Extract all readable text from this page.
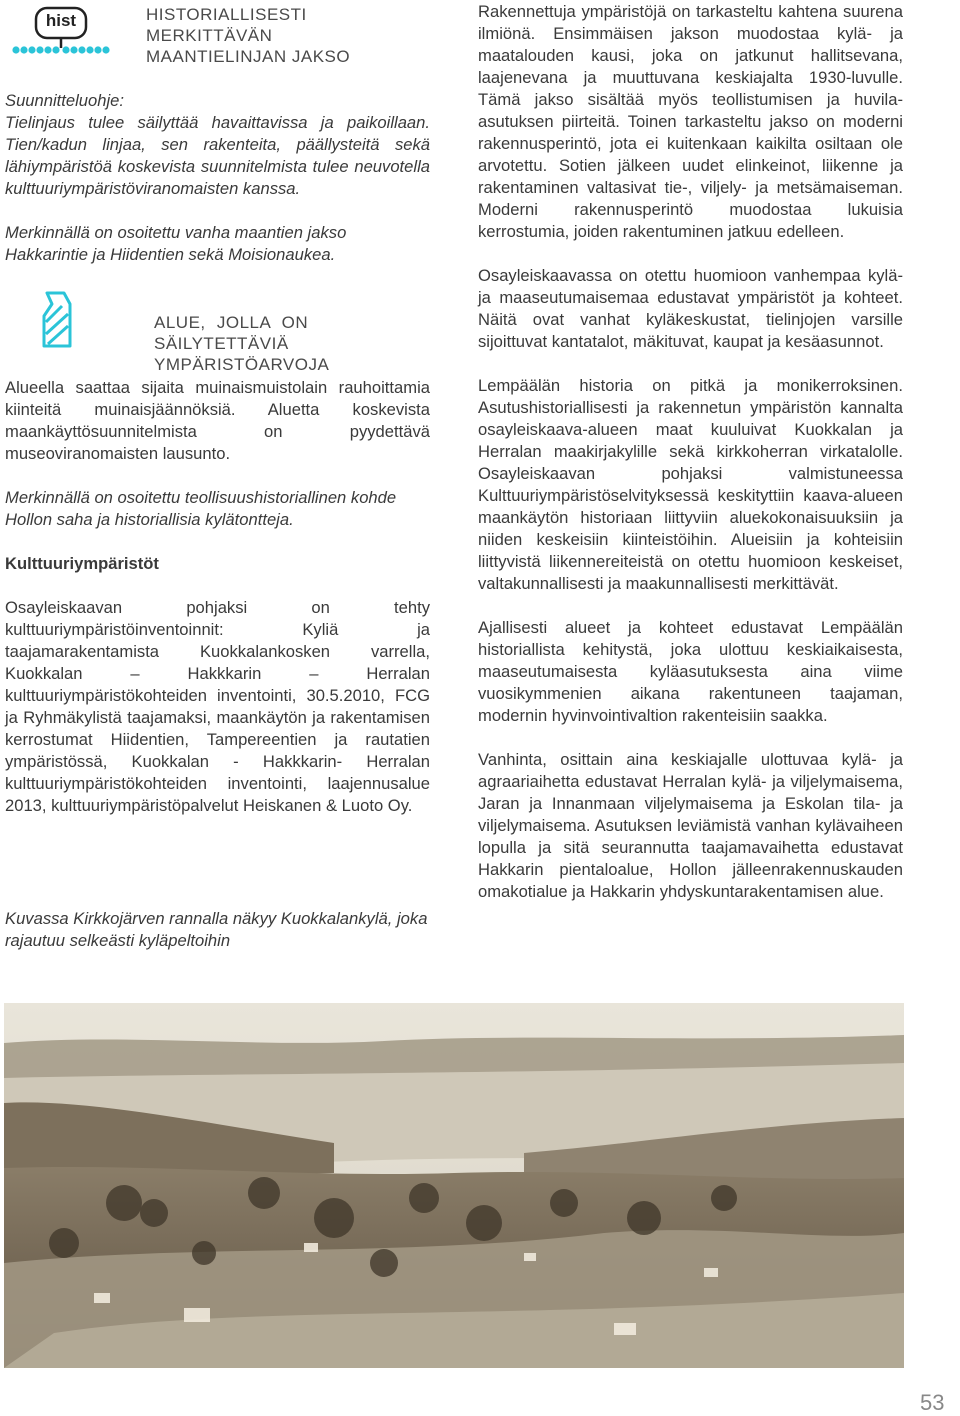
hist	HISTORIALLISESTI MERKITTÄVÄN
MAANTIELINJAN JAKSO

Suunnitteluohje:

Tielinjaus tulee säilyttää havaittavissa ja paikoillaan. Tien/kadun linjaa, sen rakenteita, päällysteitä sekä lähiympäristöä koskevista suunnitelmista tulee neuvotella kulttuuriympäristöviranomaisten kanssa.

Merkinnällä on osoitettu vanha maantien jakso Hakkarintie ja Hiidentien sekä Moisionaukea.

ALUE, JOLLA ON SÄILYTETTÄVIÄ
YMPÄRISTÖARVOJA

Alueella saattaa sijaita muinaismuistolain rauhoittamia kiinteitä muinaisjäännöksiä. Aluetta koskevista maankäyttösuunnitelmista on pyydettävä museoviranomaisten lausunto.

Merkinnällä on osoitettu teollisuushistoriallinen kohde Hollon saha ja historiallisia kylätontteja.

Kulttuuriympäristöt

Osayleiskaavan pohjaksi on tehty kulttuuriympäristöinventoinnit: Kyliä ja taajamarakentamista Kuokkalankosken varrella, Kuokkalan – Hakkkarin – Herralan kulttuuriympäristökohteiden inventointi, 30.5.2010, FCG ja Ryhmäkylistä taajamaksi, maankäytön ja rakentamisen kerrostumat Hiidentien, Tampereentien ja rautatien ympäristössä, Kuokkalan - Hakkkarin- Herralan kulttuuriympäristökohteiden inventointi, laajennusalue 2013, kulttuuriympäristöpalvelut Heiskanen & Luoto Oy.

Kuvassa Kirkkojärven rannalla näkyy Kuokkalankylä, joka rajautuu selkeästi kyläpeltoihin

Rakennettuja ympäristöjä on tarkasteltu kahtena suurena ilmiönä. Ensimmäisen jakson muodostaa kylä- ja maatalouden kausi, joka on jatkunut hallitsevana, laajenevana ja muuttuvana keskiajalta 1930-luvulle. Tämä jakso sisältää myös teollistumisen ja huvila-asutuksen piirteitä. Toinen tarkasteltu jakso on moderni rakennusperintö, jota ei kuitenkaan kaikilta osiltaan ole arvotettu. Sotien jälkeen uudet elinkeinot, liikenne ja rakentaminen valtasivat tie-, viljely- ja metsämaiseman. Moderni rakennusperintö muodostaa lukuisia kerrostumia, joiden rakentuminen jatkuu edelleen.

Osayleiskaavassa on otettu huomioon vanhempaa kylä- ja maaseutumaisemaa edustavat ympäristöt ja kohteet. Näitä ovat vanhat kyläkeskustat, tielinjojen varsille sijoittuvat kantatalot, mäkituvat, kaupat ja kesäasunnot.

Lempäälän historia on pitkä ja monikerroksinen. Asutushistoriallisesti ja rakennetun ympäristön kannalta osayleiskaava-alueen maat kuuluivat Kuokkalan ja Herralan maakirjakylille sekä kirkkoherran virkatalolle. Osayleiskaavan pohjaksi valmistuneessa Kulttuuriympäristöselvityksessä keskityttiin kaava-alueen maankäytön historiaan liittyviin aluekokonaisuuksiin ja niiden keskeisiin kiinteistöihin. Alueisiin ja kohteisiin liittyvistä liikennereiteistä on otettu huomioon keskeiset, valtakunnallisesti ja maakunnallisesti merkittävät.

Ajallisesti alueet ja kohteet edustavat Lempäälän historiallista kehitystä, joka ulottuu keskiaikaisesta, maaseutumaisesta kyläasutuksesta aina viime vuosikymmenien aikana rakentuneen taajaman, modernin hyvinvointivaltion rakenteisiin saakka.

Vanhinta, osittain aina keskiajalle ulottuvaa kylä- ja agraariaihetta edustavat Herralan kylä- ja viljelymaisema, Jaran ja Innanmaan viljelymaisema ja Eskolan tila- ja viljelymaisema. Asutuksen leviämistä vanhan kylävaiheen lopulla ja sitä seurannutta taajamavaihetta edustavat Hakkarin pientaloalue, Hollon jälleenrakennuskauden omakotialue ja Hakkarin yhdyskuntarakentamisen alue.

53
